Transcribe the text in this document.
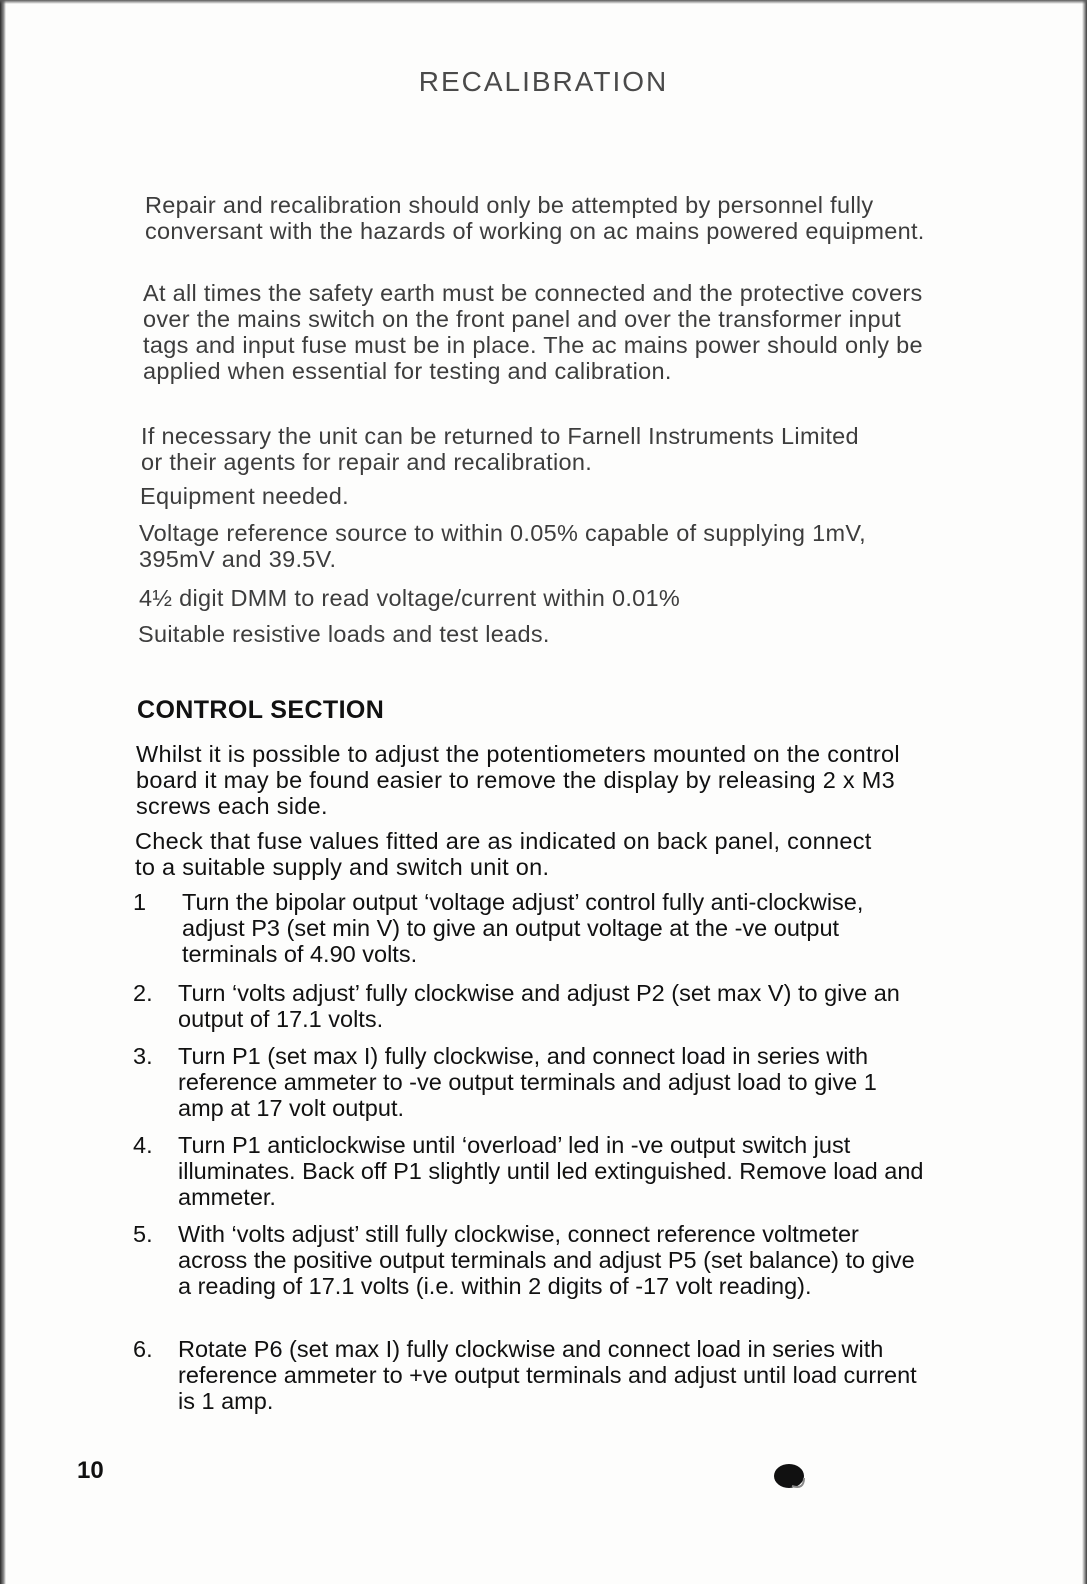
RECALIBRATION

Repair and recalibration should only be attempted by personnel fully conversant with the hazards of working on ac mains powered equipment.

At all times the safety earth must be connected and the protective covers over the mains switch on the front panel and over the transformer input tags and input fuse must be in place. The ac mains power should only be applied when essential for testing and calibration.

If necessary the unit can be returned to Farnell Instruments Limited or their agents for repair and recalibration.

Equipment needed.

Voltage reference source to within 0.05% capable of supplying 1mV, 395mV and 39.5V.

4½ digit DMM to read voltage/current within 0.01%

Suitable resistive loads and test leads.

CONTROL SECTION

Whilst it is possible to adjust the potentiometers mounted on the control board it may be found easier to remove the display by releasing 2 x M3 screws each side.

Check that fuse values fitted are as indicated on back panel, connect to a suitable supply and switch unit on.

1	Turn the bipolar output ‘voltage adjust’ control fully anti-clockwise, adjust P3 (set min V) to give an output voltage at the -ve output terminals of 4.90 volts.
2.	Turn ‘volts adjust’ fully clockwise and adjust P2 (set max V) to give an output of 17.1 volts.
3.	Turn P1 (set max I) fully clockwise, and connect load in series with reference ammeter to -ve output terminals and adjust load to give 1 amp at 17 volt output.
4.	Turn P1 anticlockwise until ‘overload’ led in -ve output switch just illuminates. Back off P1 slightly until led extinguished. Remove load and ammeter.
5.	With ‘volts adjust’ still fully clockwise, connect reference voltmeter across the positive output terminals and adjust P5 (set balance) to give a reading of 17.1 volts (i.e. within 2 digits of -17 volt reading).
6.	Rotate P6 (set max I) fully clockwise and connect load in series with reference ammeter to +ve output terminals and adjust until load current is 1 amp.
10
